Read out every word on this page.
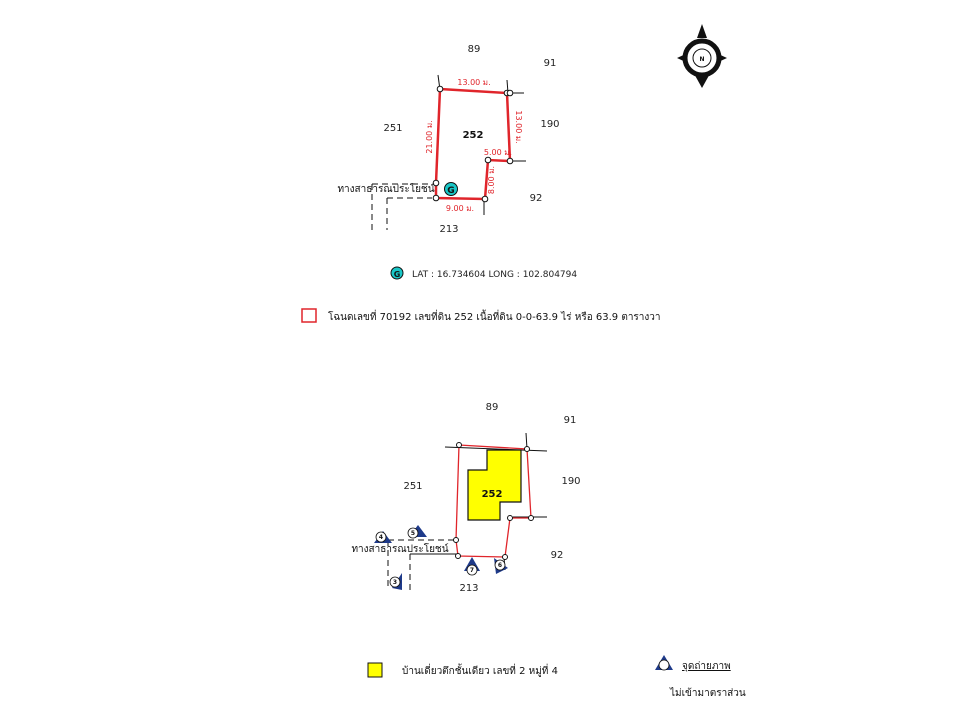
N
G
89
91
190
251
92
213
252
ทางสาธารณประโยชน์
13.00 ม.
13.00 ม.
21.00 ม.	5.00 ม.
8.00 ม.
9.00 ม.
G LAT : 16.734604 LONG : 102.804794
โฉนดเลขที่ 70192 เลขที่ดิน 252 เนื้อที่ดิน 0-0-63.9 ไร่ หรือ 63.9 ตารางวา
252
4
5
3
7
6
89
91
190
251
92
213
ทางสาธารณประโยชน์
บ้านเดี่ยวตึกชั้นเดียว เลขที่ 2 หมู่ที่ 4	จุดถ่ายภาพ
ไม่เข้ามาตราส่วน
